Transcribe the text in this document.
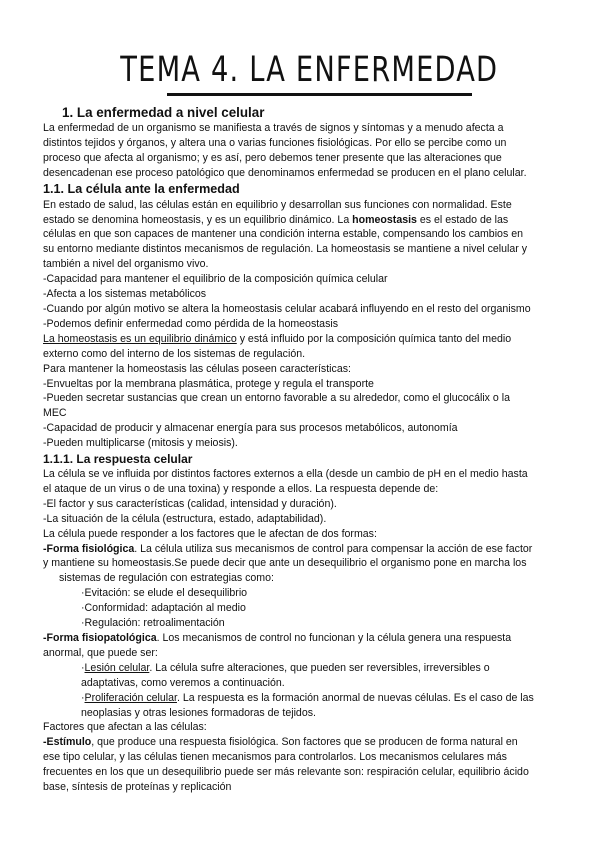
TEMA 4. LA ENFERMEDAD
1. La enfermedad a nivel celular

La enfermedad de un organismo se manifiesta a través de signos y síntomas y a menudo afecta a

distintos tejidos y órganos, y altera una o varias funciones fisiológicas. Por ello se percibe como un

proceso que afecta al organismo; y es así, pero debemos tener presente que las alteraciones que

desencadenan ese proceso patológico que denominamos enfermedad se producen en el plano celular.

1.1. La célula ante la enfermedad

En estado de salud, las células están en equilibrio y desarrollan sus funciones con normalidad. Este

estado se denomina homeostasis, y es un equilibrio dinámico. La homeostasis es el estado de las

células en que son capaces de mantener una condición interna estable, compensando los cambios en

su entorno mediante distintos mecanismos de regulación. La homeostasis se mantiene a nivel celular y

también a nivel del organismo vivo.

-Capacidad para mantener el equilibrio de la composición química celular

-Afecta a los sistemas metabólicos

-Cuando por algún motivo se altera la homeostasis celular acabará influyendo en el resto del organismo

-Podemos definir enfermedad como pérdida de la homeostasis

La homeostasis es un equilibrio dinámico y está influido por la composición química tanto del medio

externo como del interno de los sistemas de regulación.

Para mantener la homeostasis las células poseen características:

-Envueltas por la membrana plasmática, protege y regula el transporte

-Pueden secretar sustancias que crean un entorno favorable a su alrededor, como el glucocálix o la

MEC

-Capacidad de producir y almacenar energía para sus procesos metabólicos, autonomía

-Pueden multiplicarse (mitosis y meiosis).

1.1.1. La respuesta celular

La célula se ve influida por distintos factores externos a ella (desde un cambio de pH en el medio hasta

el ataque de un virus o de una toxina) y responde a ellos. La respuesta depende de:

-El factor y sus características (calidad, intensidad y duración).

-La situación de la célula (estructura, estado, adaptabilidad).

La célula puede responder a los factores que le afectan de dos formas:

-Forma fisiológica. La célula utiliza sus mecanismos de control para compensar la acción de ese factor

y mantiene su homeostasis.Se puede decir que ante un desequilibrio el organismo pone en marcha los

sistemas de regulación con estrategias como:

·Evitación: se elude el desequilibrio

·Conformidad: adaptación al medio

·Regulación: retroalimentación

-Forma fisiopatológica. Los mecanismos de control no funcionan y la célula genera una respuesta

anormal, que puede ser:

·Lesión celular. La célula sufre alteraciones, que pueden ser reversibles, irreversibles o

adaptativas, como veremos a continuación.

·Proliferación celular. La respuesta es la formación anormal de nuevas células. Es el caso de las

neoplasias y otras lesiones formadoras de tejidos.

Factores que afectan a las células:

-Estímulo, que produce una respuesta fisiológica. Son factores que se producen de forma natural en

ese tipo celular, y las células tienen mecanismos para controlarlos. Los mecanismos celulares más

frecuentes en los que un desequilibrio puede ser más relevante son: respiración celular, equilibrio ácido

base, síntesis de proteínas y replicación
